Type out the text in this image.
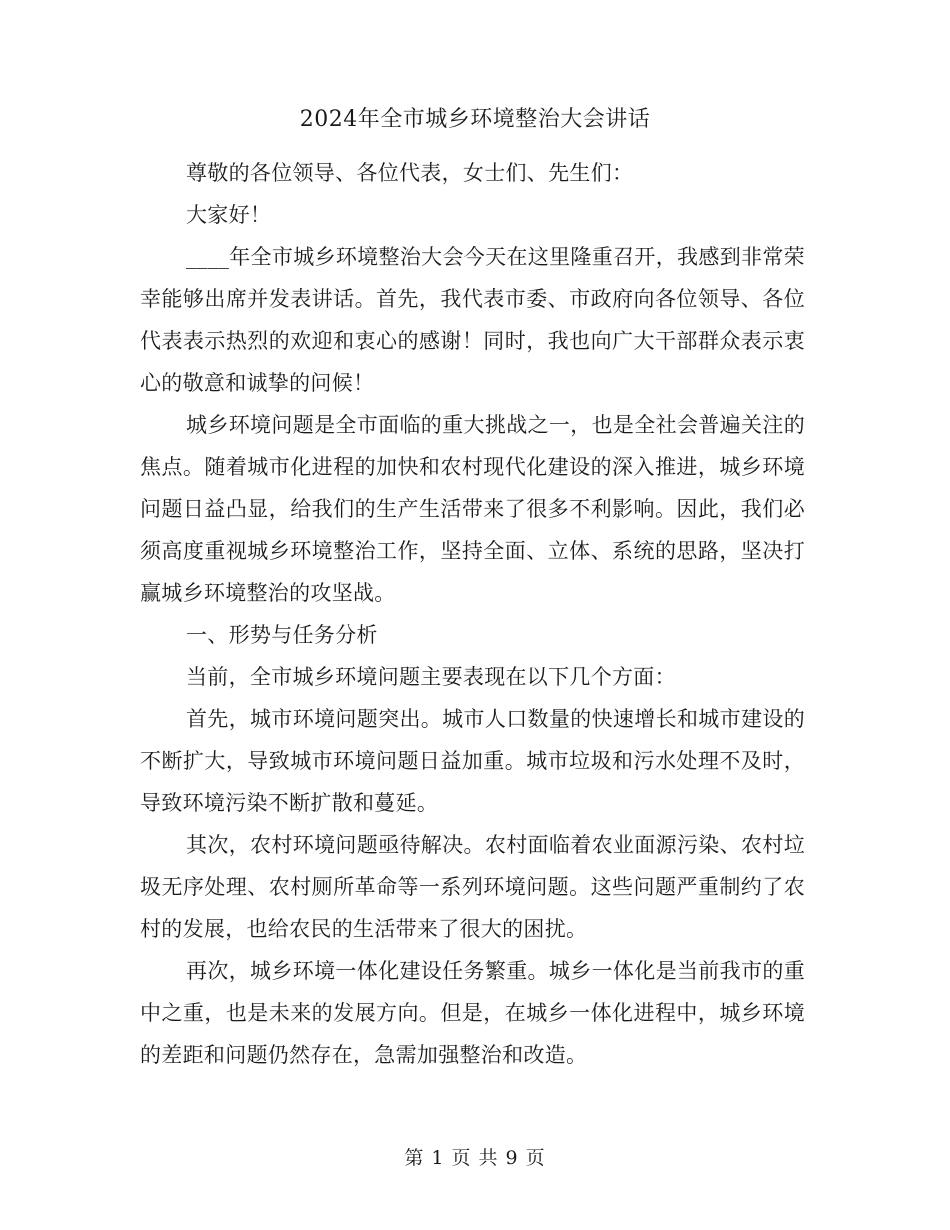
2024年全市城乡环境整治大会讲话

尊敬的各位领导、各位代表，女士们、先生们：

大家好！

____年全市城乡环境整治大会今天在这里隆重召开，我感到非常荣幸能够出席并发表讲话。首先，我代表市委、市政府向各位领导、各位代表表示热烈的欢迎和衷心的感谢！同时，我也向广大干部群众表示衷心的敬意和诚挚的问候！

城乡环境问题是全市面临的重大挑战之一，也是全社会普遍关注的焦点。随着城市化进程的加快和农村现代化建设的深入推进，城乡环境问题日益凸显，给我们的生产生活带来了很多不利影响。因此，我们必须高度重视城乡环境整治工作，坚持全面、立体、系统的思路，坚决打赢城乡环境整治的攻坚战。

一、形势与任务分析

当前，全市城乡环境问题主要表现在以下几个方面：

首先，城市环境问题突出。城市人口数量的快速增长和城市建设的不断扩大，导致城市环境问题日益加重。城市垃圾和污水处理不及时，导致环境污染不断扩散和蔓延。

其次，农村环境问题亟待解决。农村面临着农业面源污染、农村垃圾无序处理、农村厕所革命等一系列环境问题。这些问题严重制约了农村的发展，也给农民的生活带来了很大的困扰。

再次，城乡环境一体化建设任务繁重。城乡一体化是当前我市的重中之重，也是未来的发展方向。但是，在城乡一体化进程中，城乡环境的差距和问题仍然存在，急需加强整治和改造。

第 1 页 共 9 页
